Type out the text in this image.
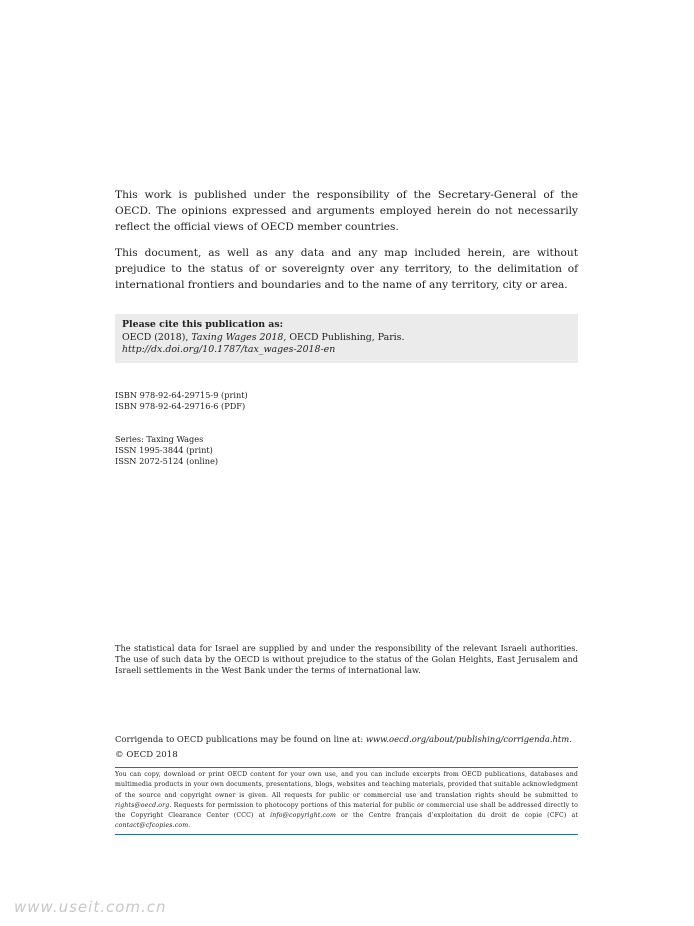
This work is published under the responsibility of the Secretary-General of the OECD. The opinions expressed and arguments employed herein do not necessarily reflect the official views of OECD member countries.

This document, as well as any data and any map included herein, are without prejudice to the status of or sovereignty over any territory, to the delimitation of international frontiers and boundaries and to the name of any territory, city or area.

Please cite this publication as:
OECD (2018), Taxing Wages 2018, OECD Publishing, Paris.
http://dx.doi.org/10.1787/tax_wages-2018-en
ISBN 978-92-64-29715-9 (print)
ISBN 978-92-64-29716-6 (PDF)
Series: Taxing Wages
ISSN 1995-3844 (print)
ISSN 2072-5124 (online)

The statistical data for Israel are supplied by and under the responsibility of the relevant Israeli authorities. The use of such data by the OECD is without prejudice to the status of the Golan Heights, East Jerusalem and Israeli settlements in the West Bank under the terms of international law.

Corrigenda to OECD publications may be found on line at: www.oecd.org/about/publishing/corrigenda.htm.

© OECD 2018

You can copy, download or print OECD content for your own use, and you can include excerpts from OECD publications, databases and multimedia products in your own documents, presentations, blogs, websites and teaching materials, provided that suitable acknowledgment of the source and copyright owner is given. All requests for public or commercial use and translation rights should be submitted to rights@oecd.org. Requests for permission to photocopy portions of this material for public or commercial use shall be addressed directly to the Copyright Clearance Center (CCC) at info@copyright.com or the Centre français d’exploitation du droit de copie (CFC) at contact@cfcopies.com.

www.useit.com.cn
